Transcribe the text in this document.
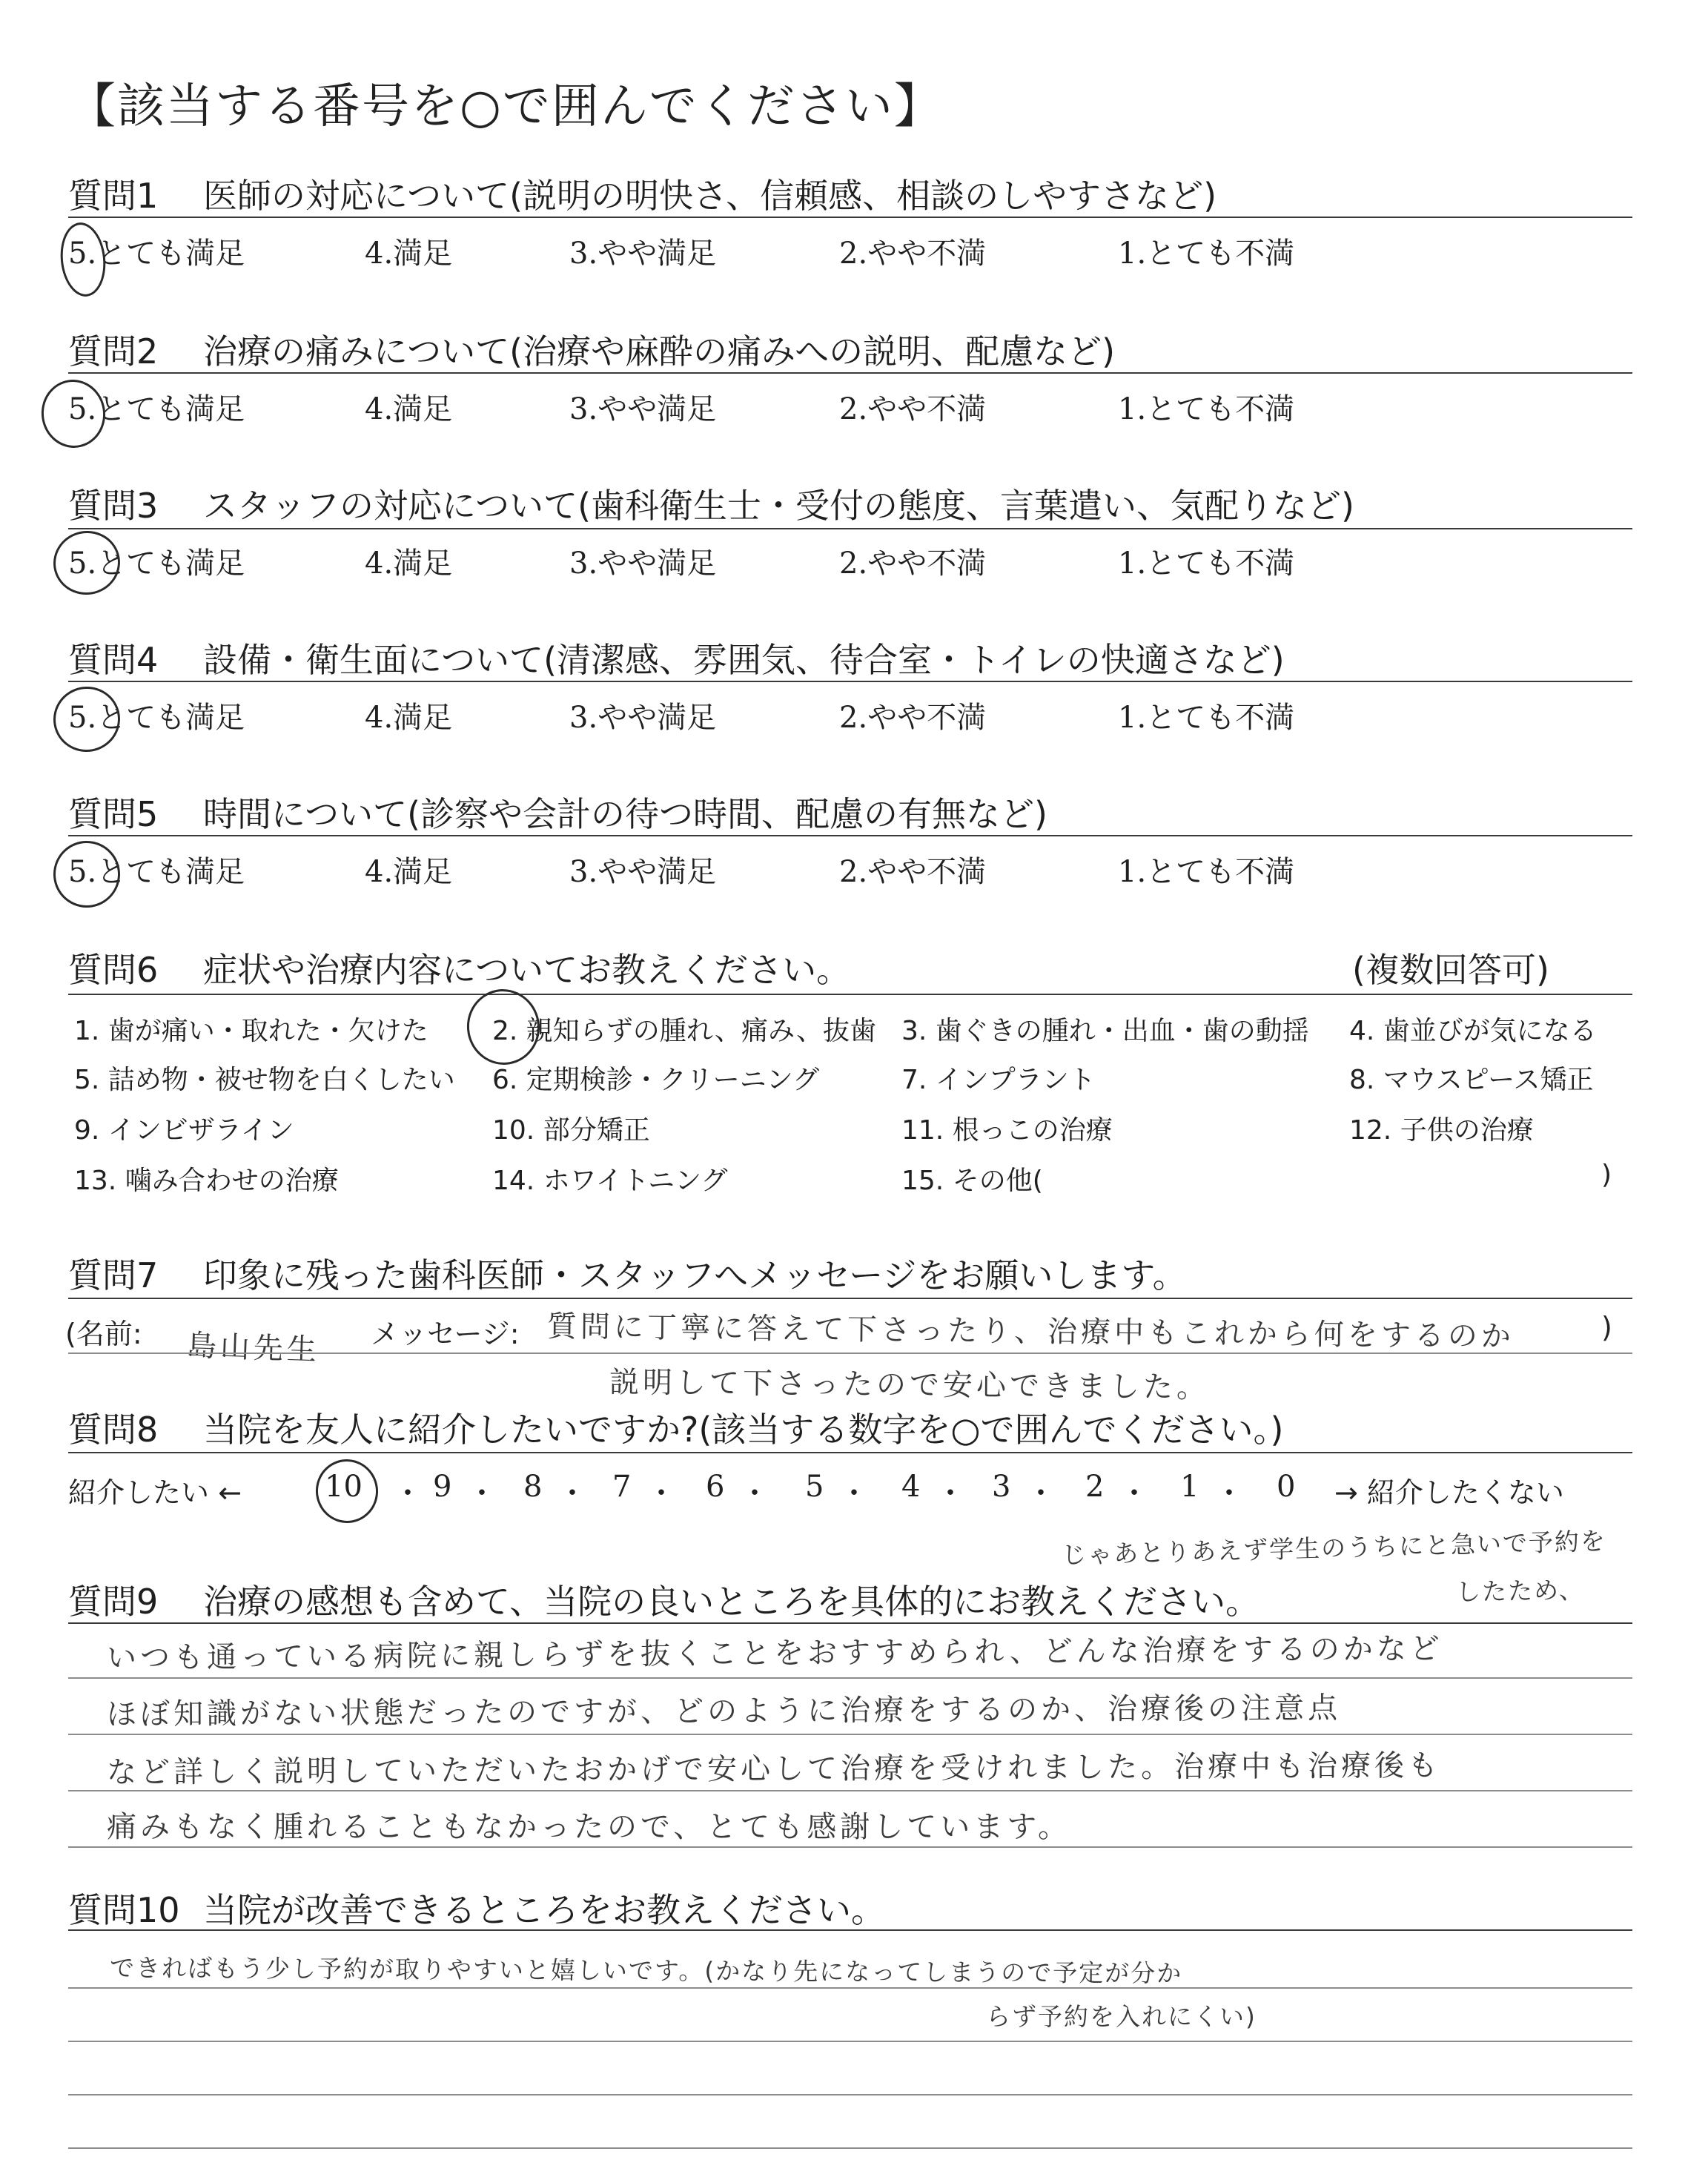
【該当する番号を○で囲んでください】
質問1 医師の対応について(説明の明快さ、信頼感、相談のしやすさなど)
5.とても満足	4.満足	3.やや満足	2.やや不満	1.とても不満
質問2 治療の痛みについて(治療や麻酔の痛みへの説明、配慮など)
5.とても満足	4.満足	3.やや満足	2.やや不満	1.とても不満
質問3 スタッフの対応について(歯科衛生士・受付の態度、言葉遣い、気配りなど)
5.とても満足	4.満足	3.やや満足	2.やや不満	1.とても不満
質問4 設備・衛生面について(清潔感、雰囲気、待合室・トイレの快適さなど)
5.とても満足	4.満足	3.やや満足	2.やや不満	1.とても不満
質問5 時間について(診察や会計の待つ時間、配慮の有無など)
5.とても満足	4.満足	3.やや満足	2.やや不満	1.とても不満
質問6 症状や治療内容についてお教えください。	(複数回答可)
1. 歯が痛い・取れた・欠けた 2. 親知らずの腫れ、痛み、抜歯 3. 歯ぐきの腫れ・出血・歯の動揺 4. 歯並びが気になる
5. 詰め物・被せ物を白くしたい 6. 定期検診・クリーニング	7. インプラント	8. マウスピース矯正
9. インビザライン	10. 部分矯正	11. 根っこの治療	12. 子供の治療
13. 噛み合わせの治療	14. ホワイトニング	15. その他(	)
質問7 印象に残った歯科医師・スタッフへメッセージをお願いします。
(名前: 島山先生 メッセージ: 質問に丁寧に答えて下さったり、治療中もこれから何をするのか	)
説明して下さったので安心できました。
質問8 当院を友人に紹介したいですか?(該当する数字を○で囲んでください。)
紹介したい ←	10 ・ 9 ・ 8 ・ 7 ・ 6 ・ 5 ・ 4 ・ 3 ・ 2 ・ 1 ・ 0 → 紹介したくない
じゃあとりあえず学生のうちにと急いで予約を
したため、
質問9 治療の感想も含めて、当院の良いところを具体的にお教えください。
いつも通っている病院に親しらずを抜くことをおすすめられ、どんな治療をするのかなど
ほぼ知識がない状態だったのですが、どのように治療をするのか、治療後の注意点
など詳しく説明していただいたおかげで安心して治療を受けれました。治療中も治療後も
痛みもなく腫れることもなかったので、とても感謝しています。
質問10 当院が改善できるところをお教えください。
できればもう少し予約が取りやすいと嬉しいです。(かなり先になってしまうので予定が分か
らず予約を入れにくい)
